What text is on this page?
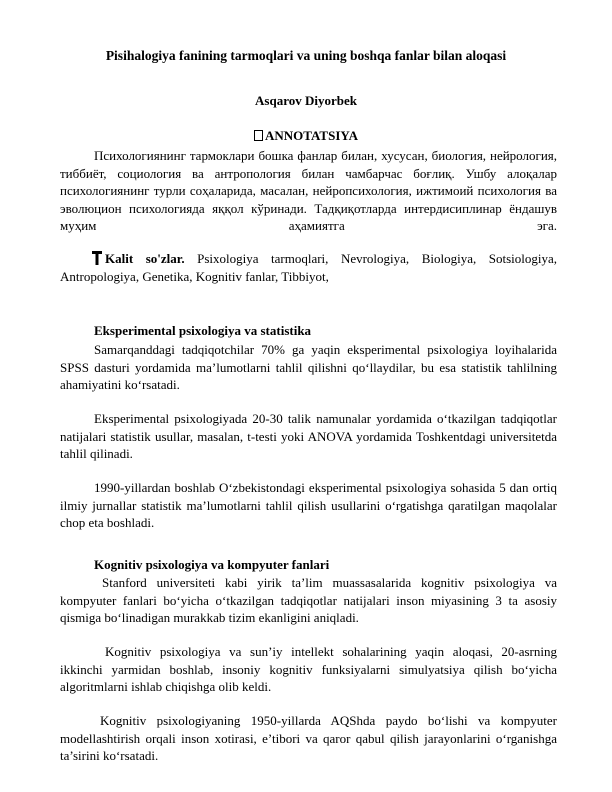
Pisihalogiya fanining tarmoqlari va uning boshqa fanlar bilan aloqasi
Asqarov Diyorbek
ANNOTATSIYA
Психологиянинг тармоклари бошка фанлар билан, хусусан, биология, нейрология, тиббиёт, социология ва антропология билан чамбарчас боғлиқ. Ушбу алоқалар психологиянинг турли соҳаларида, масалан, нейропсихология, ижтимоий психология ва эволюцион психологияда яққол кўринади. Тадқиқотларда интердисиплинар ёндашув муҳим аҳамиятга эга.
Kalit so'zlar. Psixologiya tarmoqlari, Nevrologiya, Biologiya, Sotsiologiya, Antropologiya, Genetika, Kognitiv fanlar, Tibbiyot,
Eksperimental psixologiya va statistika
Samarqanddagi tadqiqotchilar 70% ga yaqin eksperimental psixologiya loyihalarida SPSS dasturi yordamida ma’lumotlarni tahlil qilishni qo‘llaydilar, bu esa statistik tahlilning ahamiyatini ko‘rsatadi.
Eksperimental psixologiyada 20-30 talik namunalar yordamida o‘tkazilgan tadqiqotlar natijalari statistik usullar, masalan, t-testi yoki ANOVA yordamida Toshkentdagi universitetda tahlil qilinadi.
1990-yillardan boshlab O‘zbekistondagi eksperimental psixologiya sohasida 5 dan ortiq ilmiy jurnallar statistik ma’lumotlarni tahlil qilish usullarini o‘rgatishga qaratilgan maqolalar chop eta boshladi.
Kognitiv psixologiya va kompyuter fanlari
Stanford universiteti kabi yirik ta’lim muassasalarida kognitiv psixologiya va kompyuter fanlari bo‘yicha o‘tkazilgan tadqiqotlar natijalari inson miyasining 3 ta asosiy qismiga bo‘linadigan murakkab tizim ekanligini aniqladi.
Kognitiv psixologiya va sun’iy intellekt sohalarining yaqin aloqasi, 20-asrning ikkinchi yarmidan boshlab, insoniy kognitiv funksiyalarni simulyatsiya qilish bo‘yicha algoritmlarni ishlab chiqishga olib keldi.
Kognitiv psixologiyaning 1950-yillarda AQShda paydo bo‘lishi va kompyuter modellashtirish orqali inson xotirasi, e’tibori va qaror qabul qilish jarayonlarini o‘rganishga ta’sirini ko‘rsatadi.
